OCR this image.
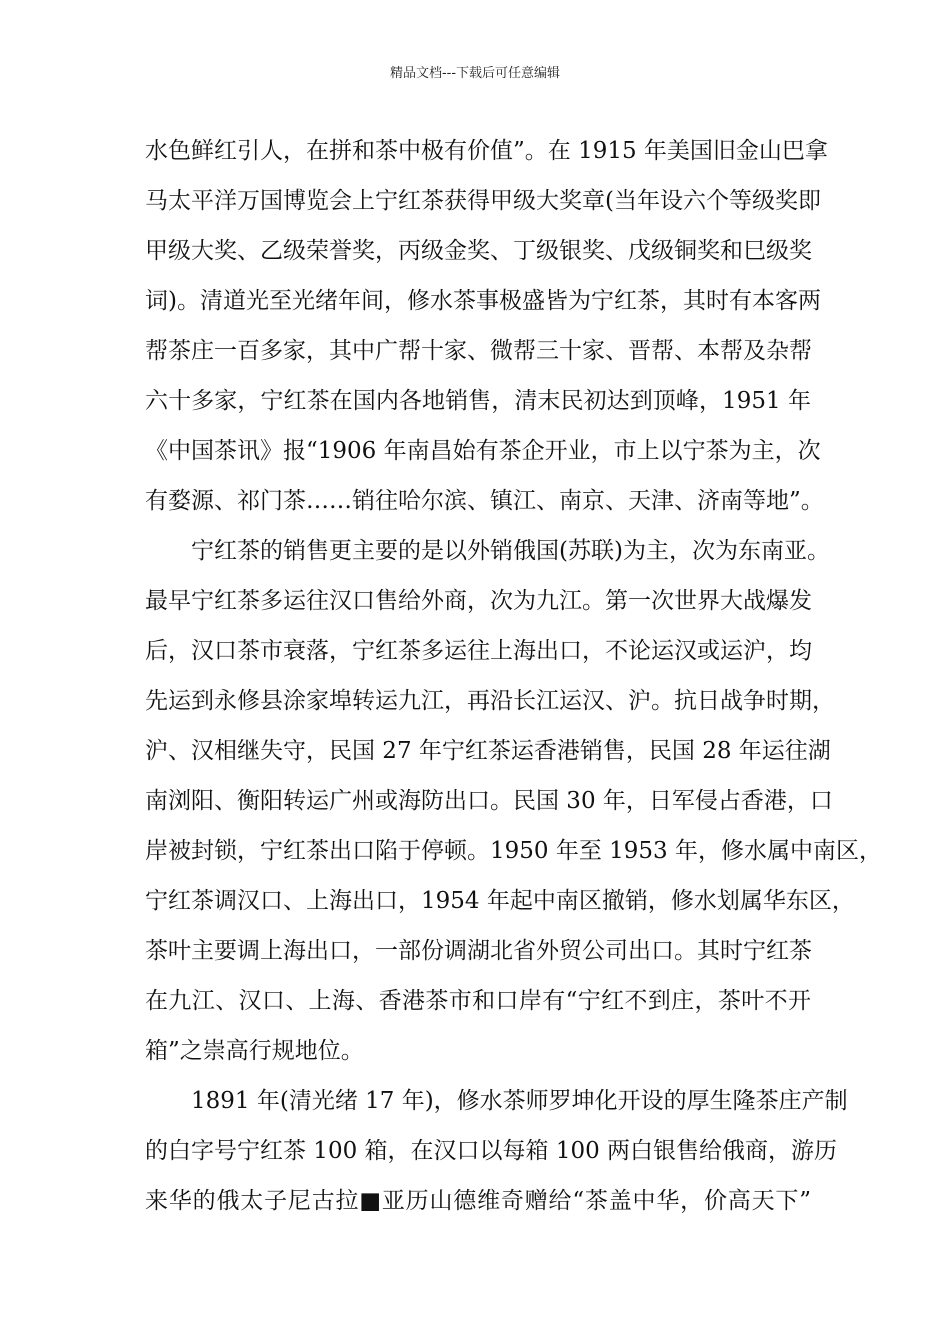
精品文档---下载后可任意编辑
水色鲜红引人，在拼和茶中极有价值”。在 1915 年美国旧金山巴拿
马太平洋万国博览会上宁红茶获得甲级大奖章(当年设六个等级奖即
甲级大奖、乙级荣誉奖，丙级金奖、丁级银奖、戊级铜奖和巳级奖
词)。清道光至光绪年间，修水茶事极盛皆为宁红茶，其时有本客两
帮茶庄一百多家，其中广帮十家、微帮三十家、晋帮、本帮及杂帮
六十多家，宁红茶在国内各地销售，清末民初达到顶峰，1951 年
《中国茶讯》报“1906 年南昌始有茶企开业，市上以宁茶为主，次
有婺源、祁门茶……销往哈尔滨、镇江、南京、天津、济南等地”。
宁红茶的销售更主要的是以外销俄国(苏联)为主，次为东南亚。
最早宁红茶多运往汉口售给外商，次为九江。第一次世界大战爆发
后，汉口茶市衰落，宁红茶多运往上海出口，不论运汉或运沪，均
先运到永修县涂家埠转运九江，再沿长江运汉、沪。抗日战争时期，
沪、汉相继失守，民国 27 年宁红茶运香港销售，民国 28 年运往湖
南浏阳、衡阳转运广州或海防出口。民国 30 年，日军侵占香港，口
岸被封锁，宁红茶出口陷于停顿。1950 年至 1953 年，修水属中南区，
宁红茶调汉口、上海出口，1954 年起中南区撤销，修水划属华东区，
茶叶主要调上海出口，一部份调湖北省外贸公司出口。其时宁红茶
在九江、汉口、上海、香港茶市和口岸有“宁红不到庄，茶叶不开
箱”之崇高行规地位。
1891 年(清光绪 17 年)，修水茶师罗坤化开设的厚生隆茶庄产制
的白字号宁红茶 100 箱，在汉口以每箱 100 两白银售给俄商，游历
来华的俄太子尼古拉■亚历山德维奇赠给“茶盖中华，价高天下”
